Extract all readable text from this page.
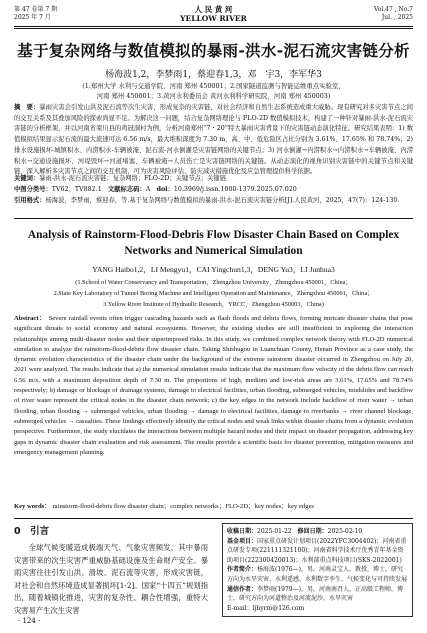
第 47 卷第 7 期
2025 年 7 月
人 民 黄 河
YELLOW RIVER
Vol.47 , No.7
Jul. , 2025
基于复杂网络与数值模拟的暴雨-洪水-泥石流灾害链分析
杨海波1,2，李梦雨1，蔡迎春1,3，邓　宇3，李军华3
(1.郑州大学 水利与交通学院，河南 郑州 450001；2.国家隧道监测与智能运维重点实验室，
河南 郑州 450001；3.黄河水利委员会 黄河水利科学研究院，河南 郑州 450003)
摘　要：暴雨灾害会引发山洪及泥石流等次生灾害，形成复杂的灾害链，对社会经济和自然生态系统造成重大威胁。现有研究对多灾害节点之间的交互关系及其叠加风险的探索尚显不足。为解决这一问题，结合复杂网络理论与 FLO-2D 数值模拟技术，构建了一种针对暴雨-洪水-泥石流灾害链的分析框架，并以河南省栾川县的鸡冠洞村为例，分析河南郑州“7・20”特大暴雨灾害背景下的灾害链动态演化特征。研究结果表明：1) 数值模拟结果显示泥石流的最大流速可达 6.56 m/s，最大堆积深度为 7.30 m，高、中、低危险区占比分别为 3.61%、17.65% 和 78.74%；2) 排水设施损坏-城镇积水、内涝积水-车辆被淹、泥石流-河水倒灌是灾害链网络的关键节点；3) 河水倒灌→内涝积水→内涝积水→车辆被淹、内涝积水→交通设施损坏、河堤毁坏→河道堵塞、车辆被淹→人员伤亡是灾害链网络的关键链。从动态演化的视角识别灾害链中的关键节点和关键链，深入解析多灾害节点之间的交互机制，可为灾害风险评估、防灾减灾措施优化及应急管理提供科学依据。
关键词：暴雨-洪水-泥石流灾害链；复杂网络；FLO-2D；关键节点；关键链
中图分类号：TV62；TV882.1  文献标志码：A  doi：10.3969/j.issn.1000-1379.2025.07.020
引用格式：杨海波，李梦雨，蔡迎春，等.基于复杂网络与数值模拟的暴雨-洪水-泥石流灾害链分析[J].人民黄河，2025，47(7)：124-130.
Analysis of Rainstorm-Flood-Debris Flow Disaster Chain Based on Complex Networks and Numerical Simulation
YANG Haibo1,2，LI Mengyu1，CAI Yingchun1,3，DENG Yu3，LI Junhua3
(1.School of Water Conservancy and Transportation，Zhengzhou University，Zhengzhou 450001，China；
2.State Key Laboratory of Tunnel Boring Machine and Intelligent Operation and Maintenance，Zhengzhou 450001，China；
3.Yellow River Institute of Hydraulic Research，YRCC，Zhengzhou 450003，China)
Abstract： Severe rainfall events often trigger cascading hazards such as flash floods and debris flows, forming intricate disaster chains that pose significant threats to social economy and natural ecosystems. However, the existing studies are still insufficient in exploring the interaction relationships among multi-disaster nodes and their superimposed risks. In this study, we combined complex network theory with FLO-2D numerical simulation to analyze the rainstorm-flood-debris flow disaster chain. Taking Shishugou in Luanchuan County, Henan Province as a case study, the dynamic evolution characteristics of the disaster chain under the background of the extreme rainstorm disaster occurred in Zhengzhou on July 20, 2021 were analyzed. The results indicate that a) the numerical simulation results indicate that the maximum flow velocity of the debris flow can reach 6.56 m/s, with a maximum deposition depth of 7.30 m. The proportions of high, medium and low-risk areas are 3.61%, 17.65% and 78.74% respectively; b) damage or blockage of drainage systems, damage to electrical facilities, urban flooding, submerged vehicles, mudslides and backflow of river water represent the critical nodes in the disaster chain network; c) the key edges in the network include backflow of river water → urban flooding, urban flooding → submerged vehicles, urban flooding → damage to electrical facilities, damage to riverbanks → river channel blockage, submerged vehicles → casualties. These findings effectively identify the critical nodes and weak links within disaster chains from a dynamic evolution perspective. Furthermore, the study elucidates the interactions between multiple hazard nodes and their impact on disaster propagation, addressing key gaps in dynamic disaster chain evaluation and risk assessment. The results provide a scientific basis for disaster prevention, mitigation measures and emergency management planning.
Key words： rainstorm-flood-debris flow disaster chain；complex networks；FLO-2D；key nodes；key edges
0　引言

全球气候变暖造成极端天气、气象灾害频发，其中暴雨灾害带来的次生灾害严重威胁基础设施及生命财产安全。暴雨灾害往往引发山洪、滑坡、泥石流等灾害，形成灾害链，对社会和自然环境造成显著损坏[1-2]。国家“十四五”规划指出，随着城镇化推进，灾害的复杂性、耦合性增强，重特大灾害易产生次生灾害

收稿日期：2025-01-22  修回日期：2025-02-10

基金项目：国家重点研发计划项目(2022YFC3004402)；河南省重点研发专项(221111321100)；河南省科学技术厅优秀青年基金资助项目(222300420013)；水利部重点科技项目(SKS-2022001)

作者简介：杨海波(1976—)，男，河南灵宝人，教授，博士，研究方向为水旱灾害、水利遥感、水利数字孪生、气候变化与可持续发展

通信作者：李梦雨(1979—)，男，河南南召人，正高级工程师，博士，研究方向为河道整治及河流泥沙、水旱灾害

E-mail：ljhyrm@126.com

· 124 ·
